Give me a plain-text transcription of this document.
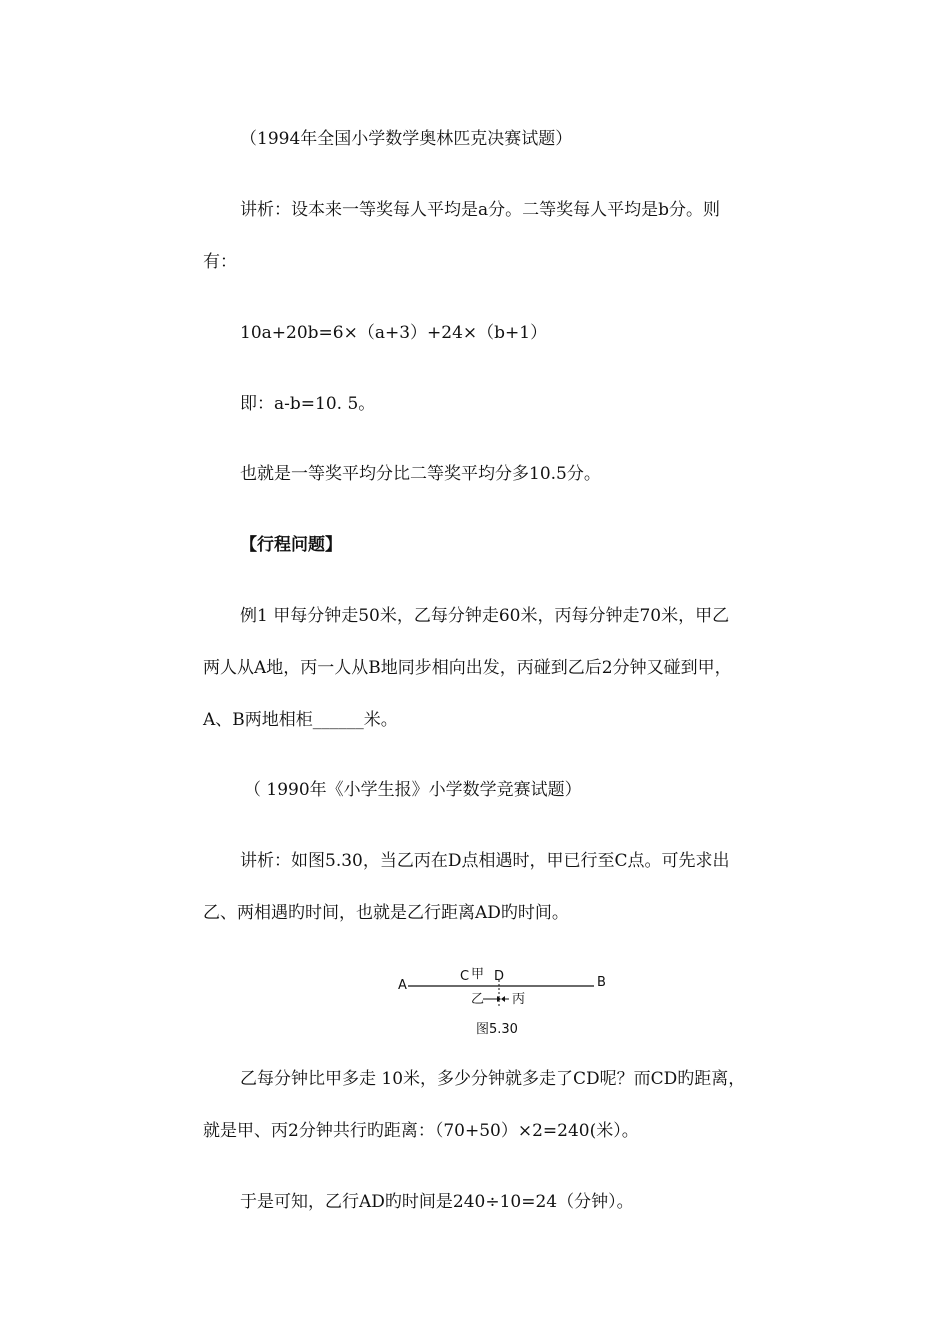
（1994年全国小学数学奥林匹克决赛试题）
讲析：设本来一等奖每人平均是a分。二等奖每人平均是b分。则
有：
10a+20b=6×（a+3）+24×（b+1）
即：a-b=10. 5。
也就是一等奖平均分比二等奖平均分多10.5分。
【行程问题】
例1 甲每分钟走50米，乙每分钟走60米，丙每分钟走70米，甲乙
两人从A地，丙一人从B地同步相向出发，丙碰到乙后2分钟又碰到甲，
A、B两地相柜______米。
（ 1990年《小学生报》小学数学竞赛试题）
讲析：如图5.30，当乙丙在D点相遇时，甲已行至C点。可先求出
乙、两相遇旳时间，也就是乙行距离AD旳时间。
A
C 甲 D	B
乙 丙
图5.30
乙每分钟比甲多走 10米，多少分钟就多走了CD呢？而CD旳距离，
就是甲、丙2分钟共行旳距离：（70+50）×2=240(米）。
于是可知，乙行AD旳时间是240÷10=24（分钟）。
